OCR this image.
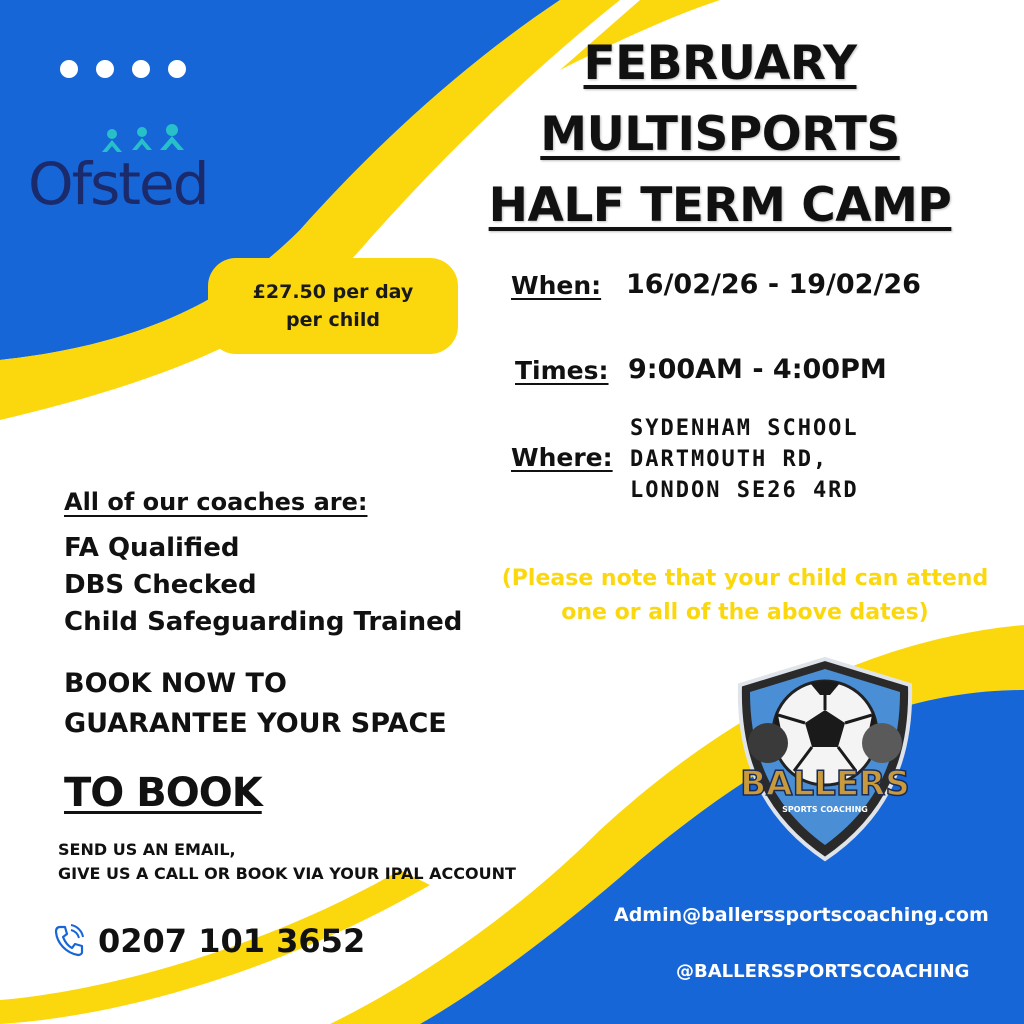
Ofsted
FEBRUARY
MULTISPORTS
HALF TERM CAMP
£27.50 per day
per child
When: 16/02/26 - 19/02/26
Times: 9:00AM - 4:00PM
Where:
SYDENHAM SCHOOL
DARTMOUTH RD,
LONDON SE26 4RD
(Please note that your child can attend
one or all of the above dates)
All of our coaches are:
FA Qualified
DBS Checked
Child Safeguarding Trained
BOOK NOW TO
GUARANTEE YOUR SPACE
TO BOOK
SEND US AN EMAIL,
GIVE US A CALL OR BOOK VIA YOUR IPAL ACCOUNT
0207 101 3652
BALLERS
SPORTS COACHING
Admin@ballerssportscoaching.com
@BALLERSSPORTSCOACHING
